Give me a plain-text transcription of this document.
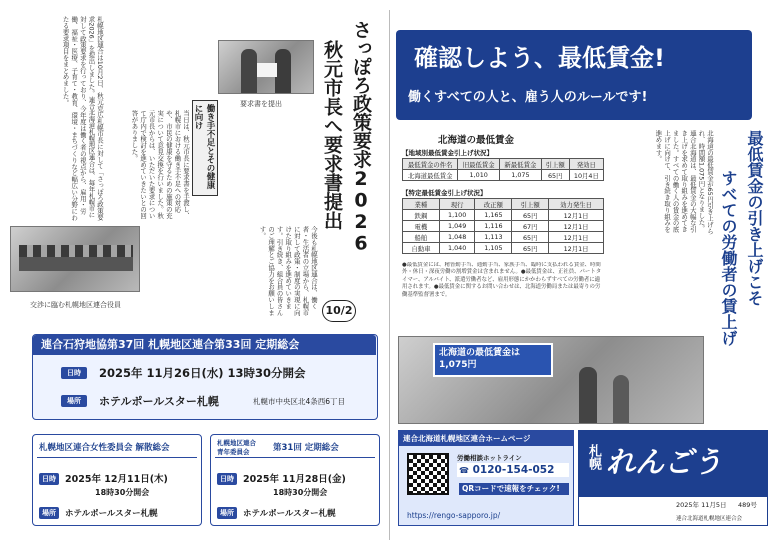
札幌地区連合は10月2日、秋元克広札幌市長に対して「さっぽろ政策要求2026」を提出しました。連合北海道札幌地区連合は、毎年札幌市に対して政策要求を行っており、今年度は働く者の視点から、雇用・労働、福祉・医療、子育て・教育、環境・まちづくりなど幅広い分野にわたる要求項目をまとめました。	要求書を提出
働き手不足とその健康に向け
当日は、秋元市長に要求書を手渡し、札幌市における働き手不足への対応や、市民の健康を守るための施策の充実について意見交換を行いました。秋元市長からは、いただいた要求について庁内で検討を進めていきたいとの回答がありました。
交渉に臨む札幌地区連合役員	今後も札幌地区連合は、働く者・生活者の立場から、札幌市に対して政策・制度の実現に向けた取り組みを進めていきます。引き続き、組合員の皆さんのご理解とご協力をお願いします。	さっぽろ政策要求2026
秋元市長へ要求書提出
10/2
連合石狩地協第37回 札幌地区連合第33回 定期総会
日時	2025年 11月26日(水) 13時30分開会
場所	ホテルポールスター札幌	札幌市中央区北4条西6丁目
札幌地区連合女性委員会 解散総会
日時 2025年 12月11日(木)
18時30分開会
場所	ホテルポールスター札幌
札幌地区連合
青年委員会	第31回 定期総会
日時 2025年 11月28日(金)
18時30分開会
場所	ホテルポールスター札幌
確認しよう、最低賃金!
働くすべての人と、雇う人のルールです!
最低賃金の引き上げこそ
すべての労働者の賃上げ
北海道の最低賃金が65円引き上げられ、時間額1,075円となりました。連合北海道は、最低賃金の大幅な引き上げを求めて取り組みを進めてきました。すべての働く人の賃金の底上げに向けて、引き続き取り組みを進めます。
北海道の最低賃金
【地域別最低賃金引上げ状況】
最低賃金の件名	旧最低賃金	新最低賃金	引上額	発効日
北海道最低賃金	1,010	1,075	65円	10月4日
【特定最低賃金引上げ状況】
業種	現行	改正額	引上額	効力発生日
鉄鋼	1,100	1,165	65円	12月1日
電機	1,049	1,116	67円	12月1日
船舶	1,048	1,113	65円	12月1日
自動車	1,040	1,105	65円	12月1日
●最低賃金には、精皆勤手当、通勤手当、家族手当、臨時に支払われる賃金、時間外・休日・深夜労働の割増賃金は含まれません。●最低賃金は、正社員、パートタイマー、アルバイト、派遣労働者など、雇用形態にかかわらずすべての労働者に適用されます。●最低賃金に関するお問い合わせは、北海道労働局または最寄りの労働基準監督署まで。
北海道の最低賃金は 1,075円
連合北海道札幌地区連合ホームページ
労働相談ホットライン
☎ 0120-154-052
QRコードで速報をチェック!
https://rengo-sapporo.jp/
札幌 れんごう
2025年 11月5日 489号
連合北海道札幌地区連合会
